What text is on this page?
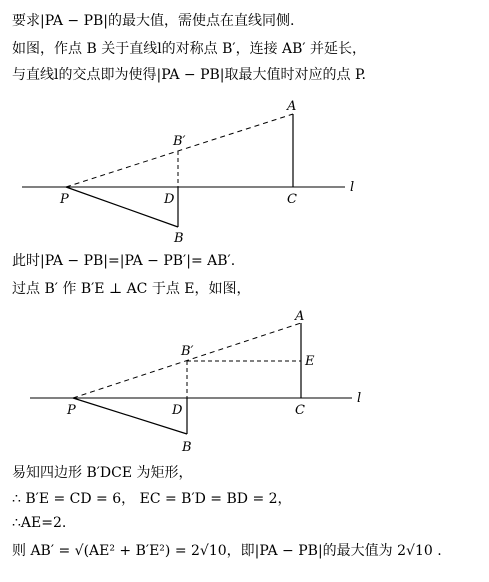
要求|PA − PB|的最大值，需使点在直线同侧.
如图，作点 B 关于直线l的对称点 B′，连接 AB′ 并延长，
与直线l的交点即为使得|PA − PB|取最大值时对应的点 P.
A
B′
D	C
l
P
B
此时|PA − PB|=|PA − PB′|= AB′.
过点 B′ 作 B′E ⊥ AC 于点 E，如图，
A
B′
E
D	C
l
P
B
易知四边形 B′DCE 为矩形，
∴ B′E = CD = 6， EC = B′D = BD = 2，
∴AE=2.
则 AB′ = √(AE² + B′E²) = 2√10，即|PA − PB|的最大值为 2√10 .
